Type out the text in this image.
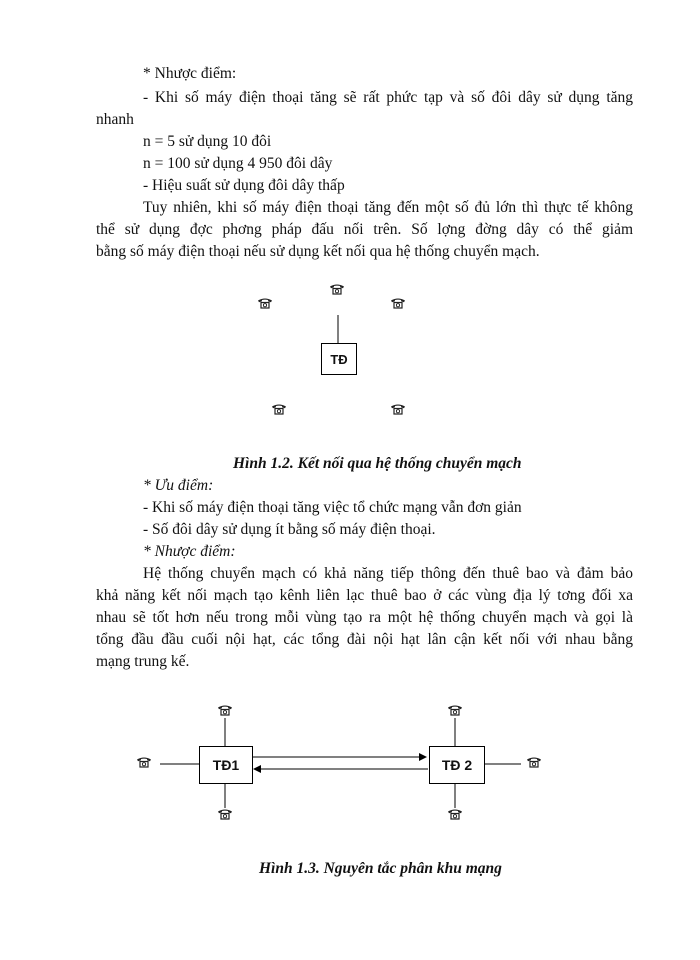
* Nhược điểm:
- Khi số máy điện thoại tăng sẽ rất phức tạp và số đôi dây sử dụng tăng
nhanh
n = 5 sử dụng 10 đôi
n = 100 sử dụng 4 950 đôi dây
- Hiệu suất sử dụng đôi dây thấp
Tuy nhiên, khi số máy điện thoại tăng đến một số đủ lớn thì thực tế không
thể sử dụng đợc phơng pháp đấu nối trên. Số lợng đờng dây có thể giảm
bằng số máy điện thoại nếu sử dụng kết nối qua hệ thống chuyển mạch.
TĐ
Hình 1.2. Kết nối qua hệ thống chuyển mạch
* Ưu điểm:
- Khi số máy điện thoại tăng việc tổ chức mạng vẫn đơn giản
- Số đôi dây sử dụng ít bằng số máy điện thoại.
* Nhược điểm:
Hệ thống chuyển mạch có khả năng tiếp thông đến thuê bao và đảm bảo
khả năng kết nối mạch tạo kênh liên lạc thuê bao ở các vùng địa lý tơng đối xa
nhau sẽ tốt hơn nếu trong mỗi vùng tạo ra một hệ thống chuyển mạch và gọi là
tổng đầu đầu cuối nội hạt, các tổng đài nội hạt lân cận kết nối với nhau bằng
mạng trung kế.
TĐ1	TĐ 2
Hình 1.3. Nguyên tắc phân khu mạng
